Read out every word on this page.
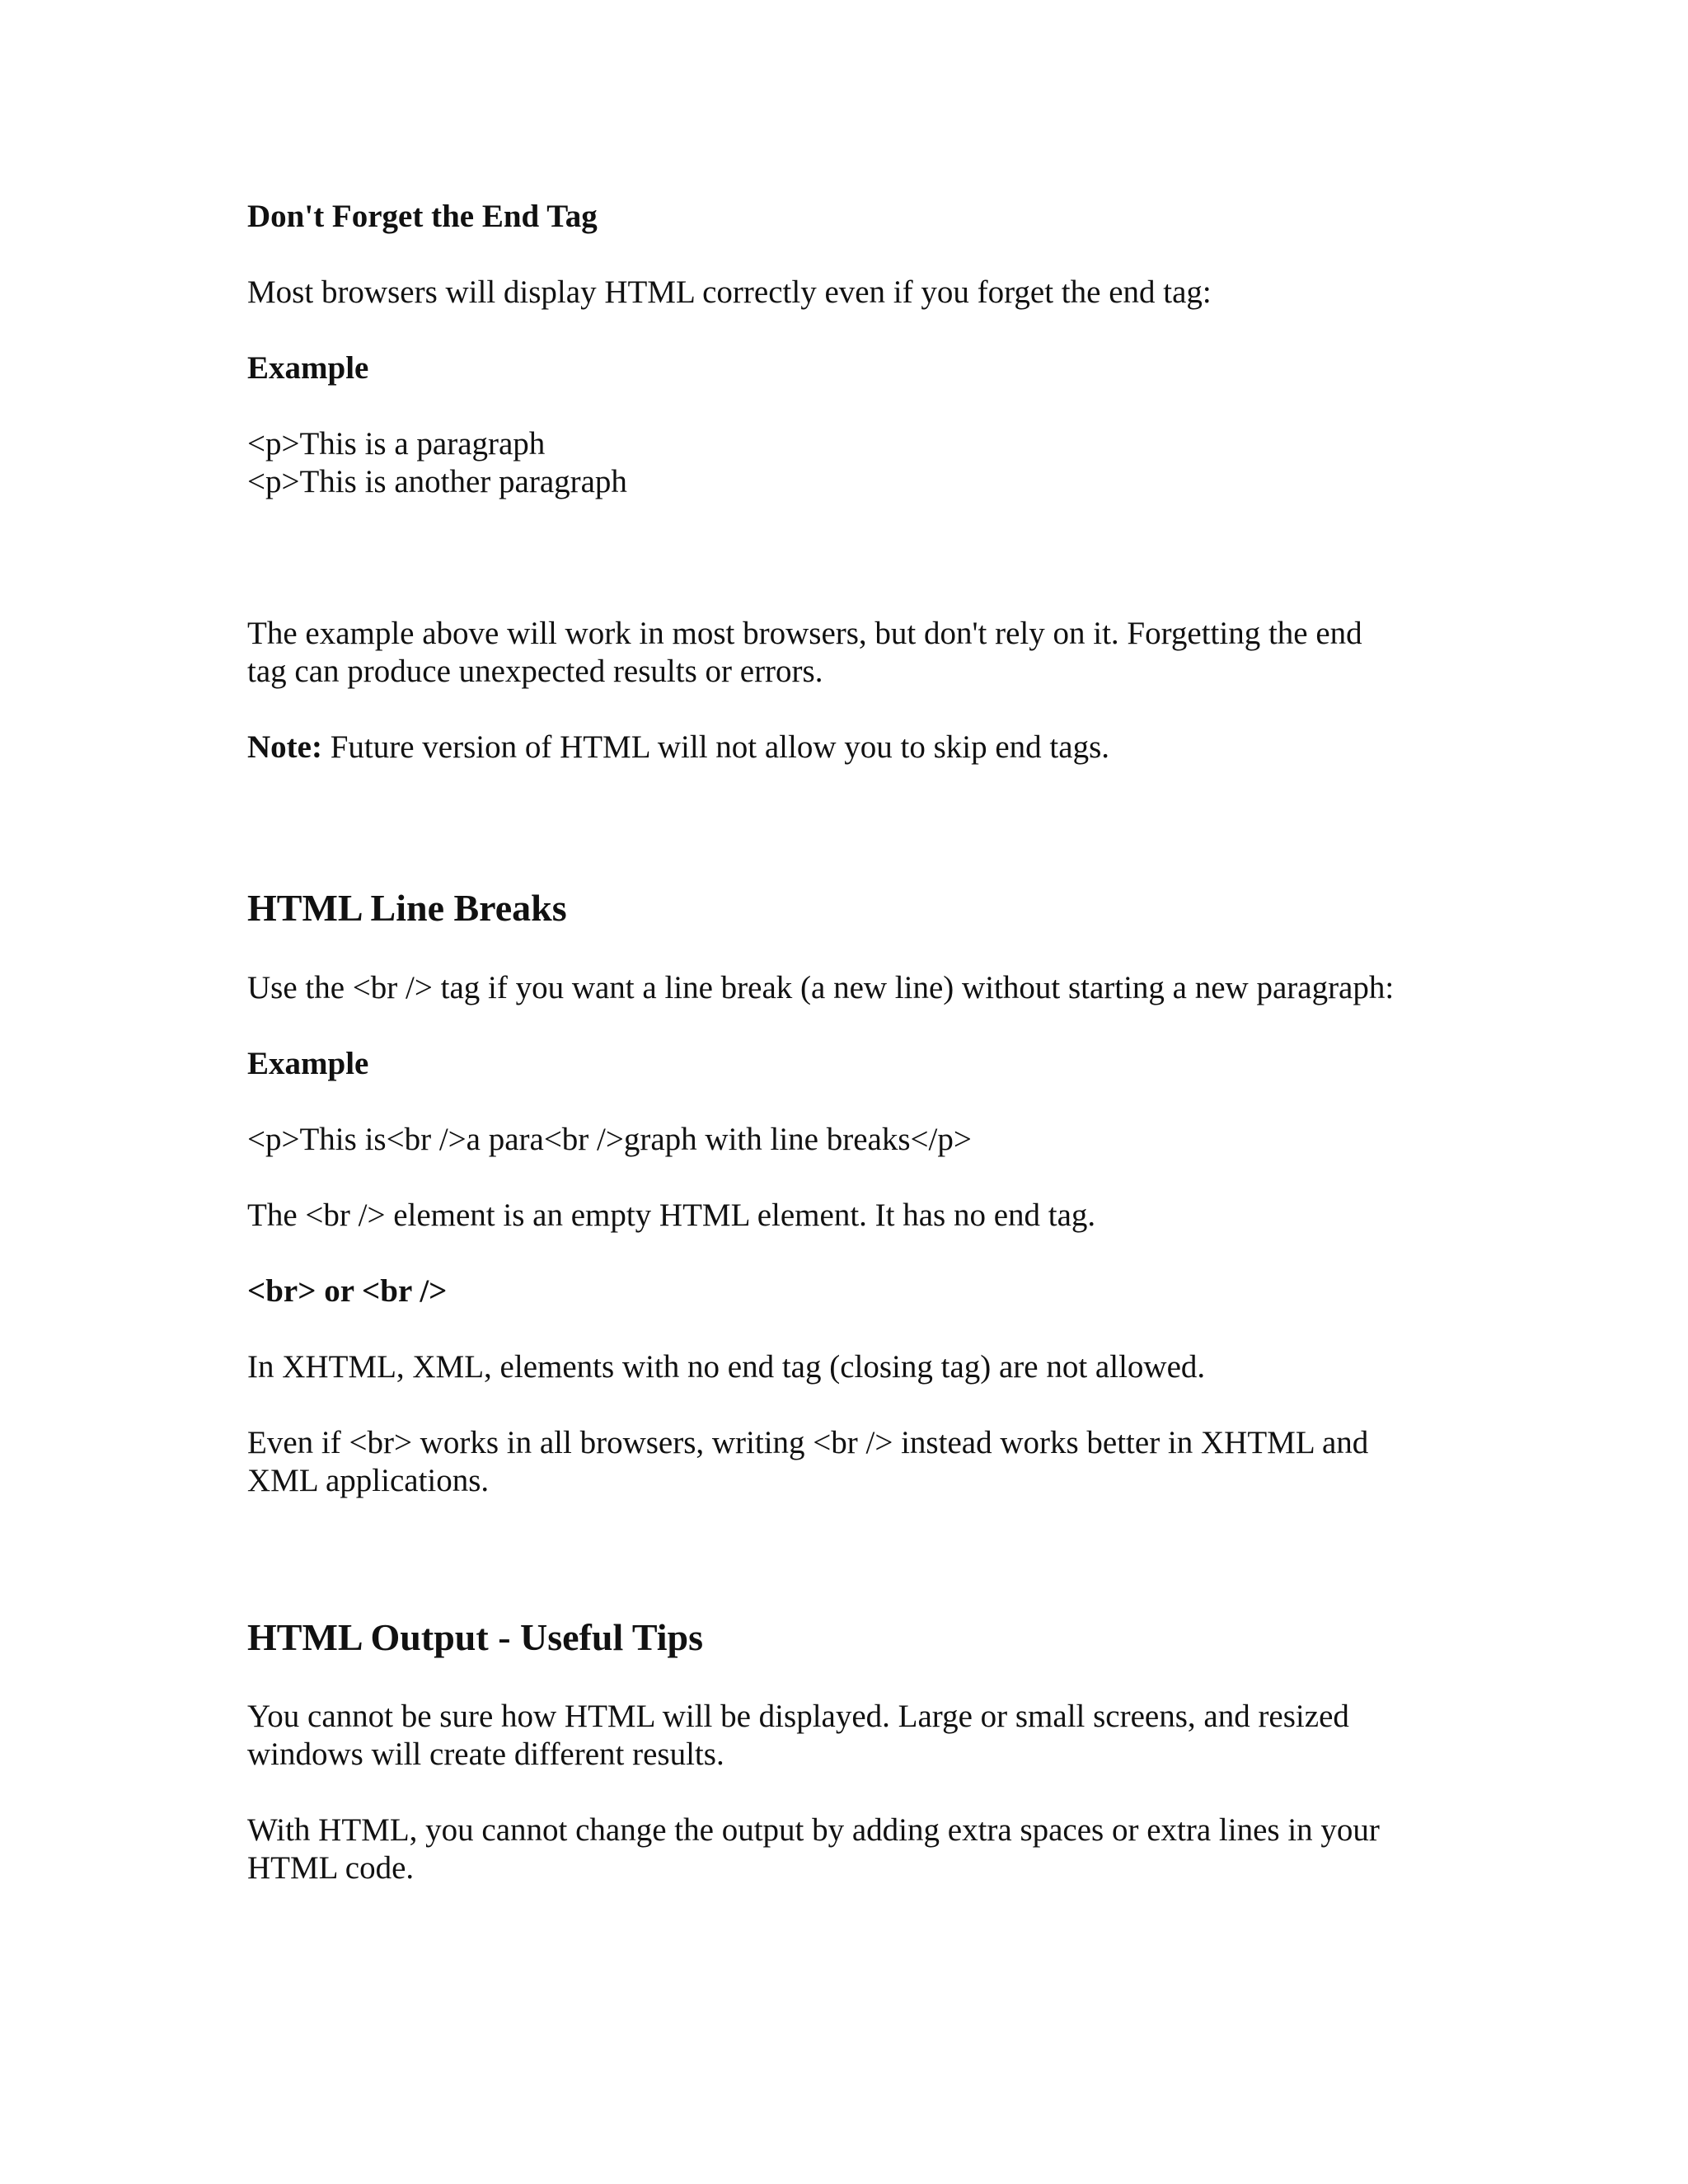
Don't Forget the End Tag

Most browsers will display HTML correctly even if you forget the end tag:

Example

<p>This is a paragraph

<p>This is another paragraph

The example above will work in most browsers, but don't rely on it. Forgetting the end

tag can produce unexpected results or errors.

Note: Future version of HTML will not allow you to skip end tags.

HTML Line Breaks

Use the <br /> tag if you want a line break (a new line) without starting a new paragraph:

Example

<p>This is<br />a para<br />graph with line breaks</p>

The <br /> element is an empty HTML element. It has no end tag.

<br> or <br />

In XHTML, XML, elements with no end tag (closing tag) are not allowed.

Even if <br> works in all browsers, writing <br /> instead works better in XHTML and

XML applications.

HTML Output - Useful Tips

You cannot be sure how HTML will be displayed. Large or small screens, and resized

windows will create different results.

With HTML, you cannot change the output by adding extra spaces or extra lines in your

HTML code.
